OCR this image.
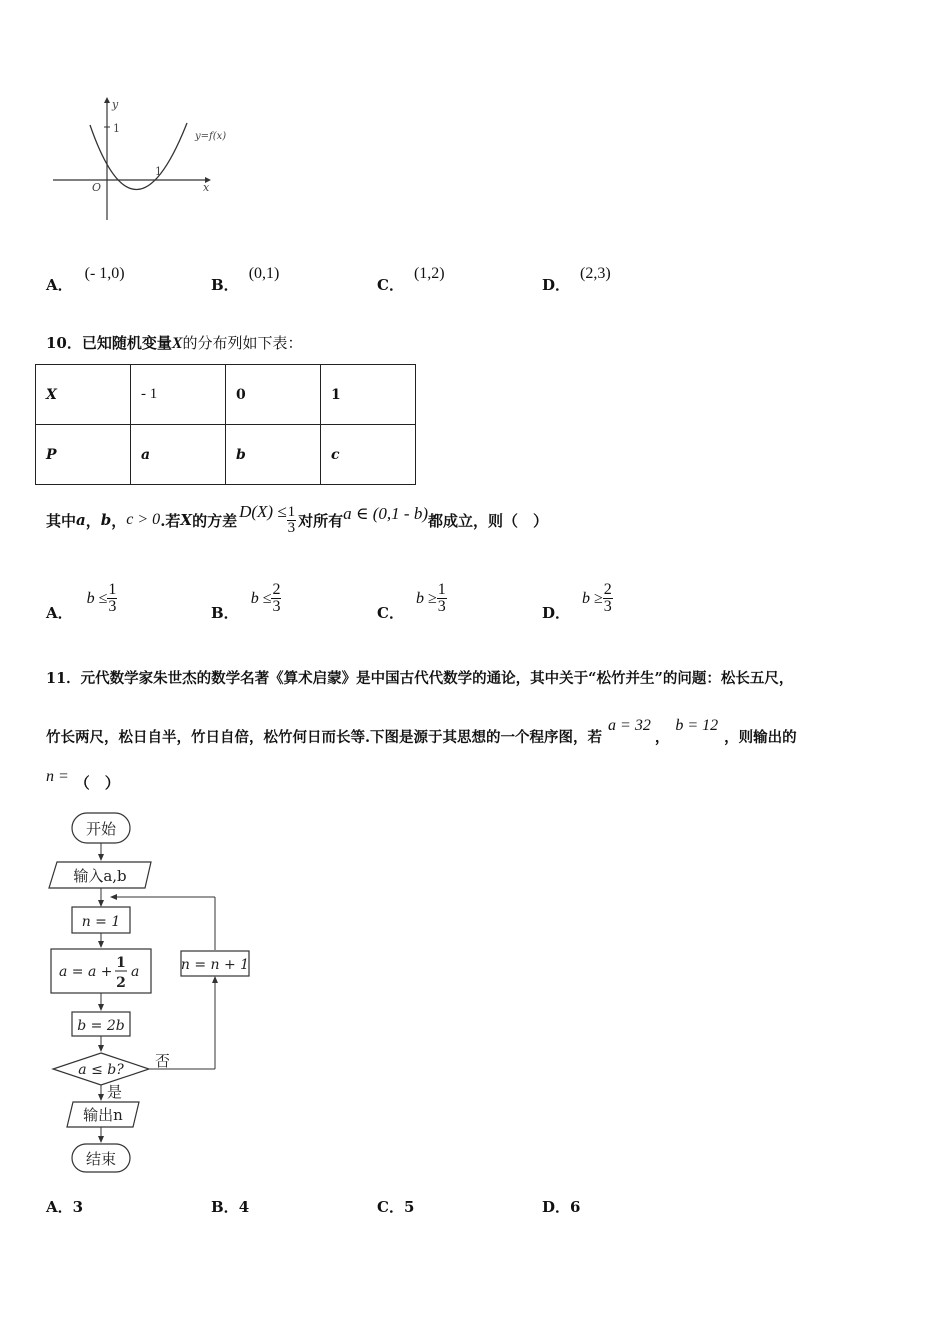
y
1
O
1
x
y=f(x)
A．(- 1,0)
B．(0,1)
C．(1,2)
D．(2,3)
10．已知随机变量X的分布列如下表：
X	- 1	0	1
P	a	b	c
其中 a ， b ， c > 0 .若 X 的方差 $D(X) \le \frac{1}{3}$ 对所有 a ∈ (0,1 - b) 都成立，则（　）
A．
$b \le \frac{1}{3}$	B．
$b \le \frac{2}{3}$	C．
$b \ge \frac{1}{3}$	D．
$b \ge \frac{2}{3}$
11．元代数学家朱世杰的数学名著《算术启蒙》是中国古代代数学的通论，其中关于“松竹并生”的问题：松长五尺，
竹长两尺，松日自半，竹日自倍，松竹何日而长等.下图是源于其思想的一个程序图，若
a = 32
，
b = 12
，则输出的
n = （　）
开始
输入a,b
n = 1
a = a +
1
2
a
b = 2b
a ≤ b? 否
n = n + 1
是
输出n
结束
A．3	B．4	C．5	D．6
